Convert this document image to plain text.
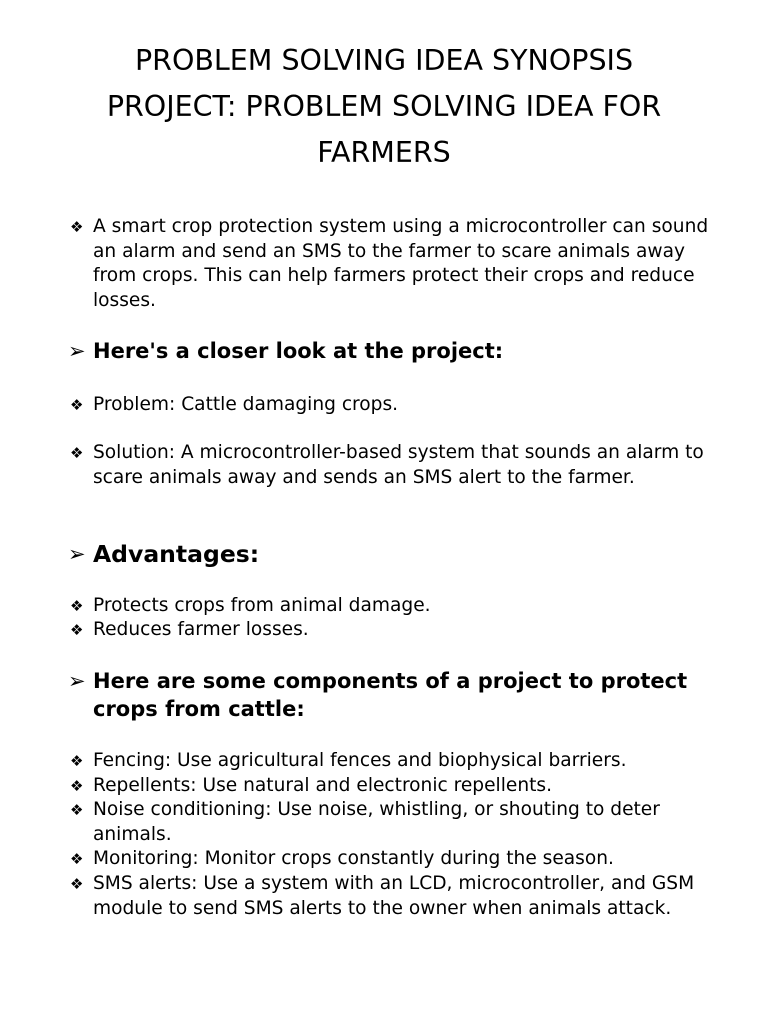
PROBLEM SOLVING IDEA SYNOPSIS
PROJECT: PROBLEM SOLVING IDEA FOR
FARMERS
❖ A smart crop protection system using a microcontroller can sound an alarm and send an SMS to the farmer to scare animals away from crops. This can help farmers protect their crops and reduce losses.
➢ Here's a closer look at the project:
❖ Problem: Cattle damaging crops.
❖ Solution: A microcontroller-based system that sounds an alarm to scare animals away and sends an SMS alert to the farmer.
➢ Advantages:
❖ Protects crops from animal damage.
❖ Reduces farmer losses.
➢ Here are some components of a project to protect crops from cattle:
❖ Fencing: Use agricultural fences and biophysical barriers.
❖ Repellents: Use natural and electronic repellents.
❖ Noise conditioning: Use noise, whistling, or shouting to deter animals.
❖ Monitoring: Monitor crops constantly during the season.
❖ SMS alerts: Use a system with an LCD, microcontroller, and GSM module to send SMS alerts to the owner when animals attack.
